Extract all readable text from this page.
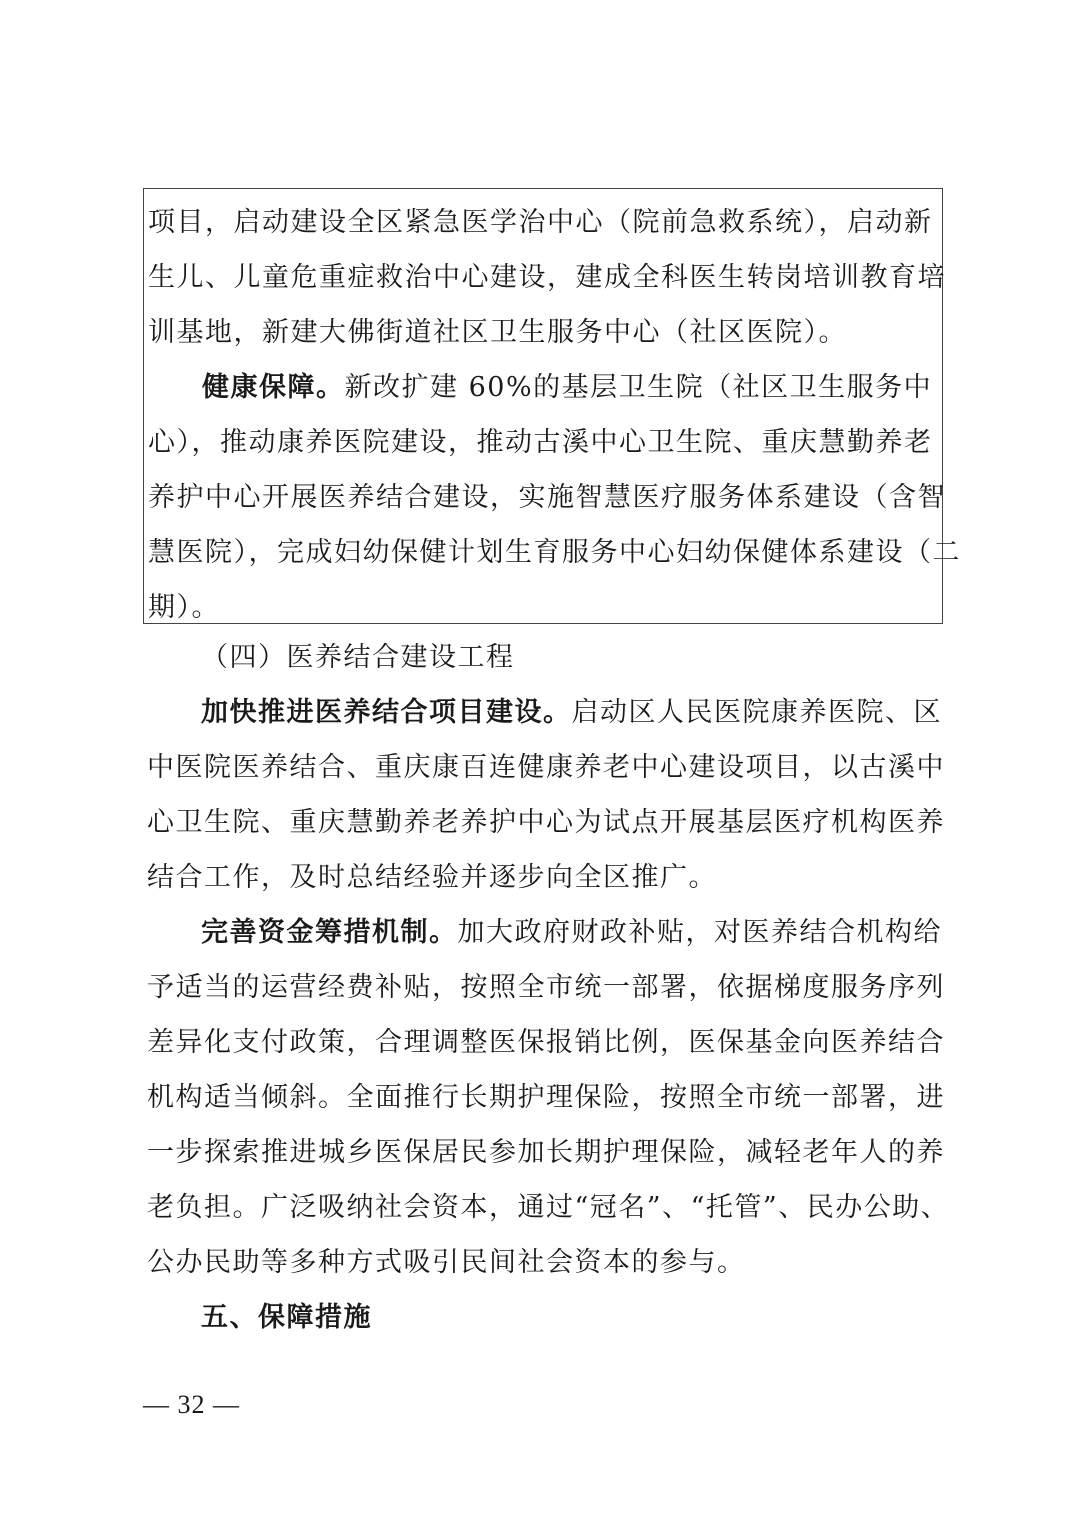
项目，启动建设全区紧急医学治中心（院前急救系统），启动新
生儿、儿童危重症救治中心建设，建成全科医生转岗培训教育培
训基地，新建大佛街道社区卫生服务中心（社区医院）。
健康保障。新改扩建 60%的基层卫生院（社区卫生服务中
心），推动康养医院建设，推动古溪中心卫生院、重庆慧勤养老
养护中心开展医养结合建设，实施智慧医疗服务体系建设（含智
慧医院），完成妇幼保健计划生育服务中心妇幼保健体系建设（二
期）。
（四）医养结合建设工程
加快推进医养结合项目建设。启动区人民医院康养医院、区
中医院医养结合、重庆康百连健康养老中心建设项目，以古溪中
心卫生院、重庆慧勤养老养护中心为试点开展基层医疗机构医养
结合工作，及时总结经验并逐步向全区推广。
完善资金筹措机制。加大政府财政补贴，对医养结合机构给
予适当的运营经费补贴，按照全市统一部署，依据梯度服务序列
差异化支付政策，合理调整医保报销比例，医保基金向医养结合
机构适当倾斜。全面推行长期护理保险，按照全市统一部署，进
一步探索推进城乡医保居民参加长期护理保险，减轻老年人的养
老负担。广泛吸纳社会资本，通过“冠名”、“托管”、民办公助、
公办民助等多种方式吸引民间社会资本的参与。
五、保障措施
— 32 —
